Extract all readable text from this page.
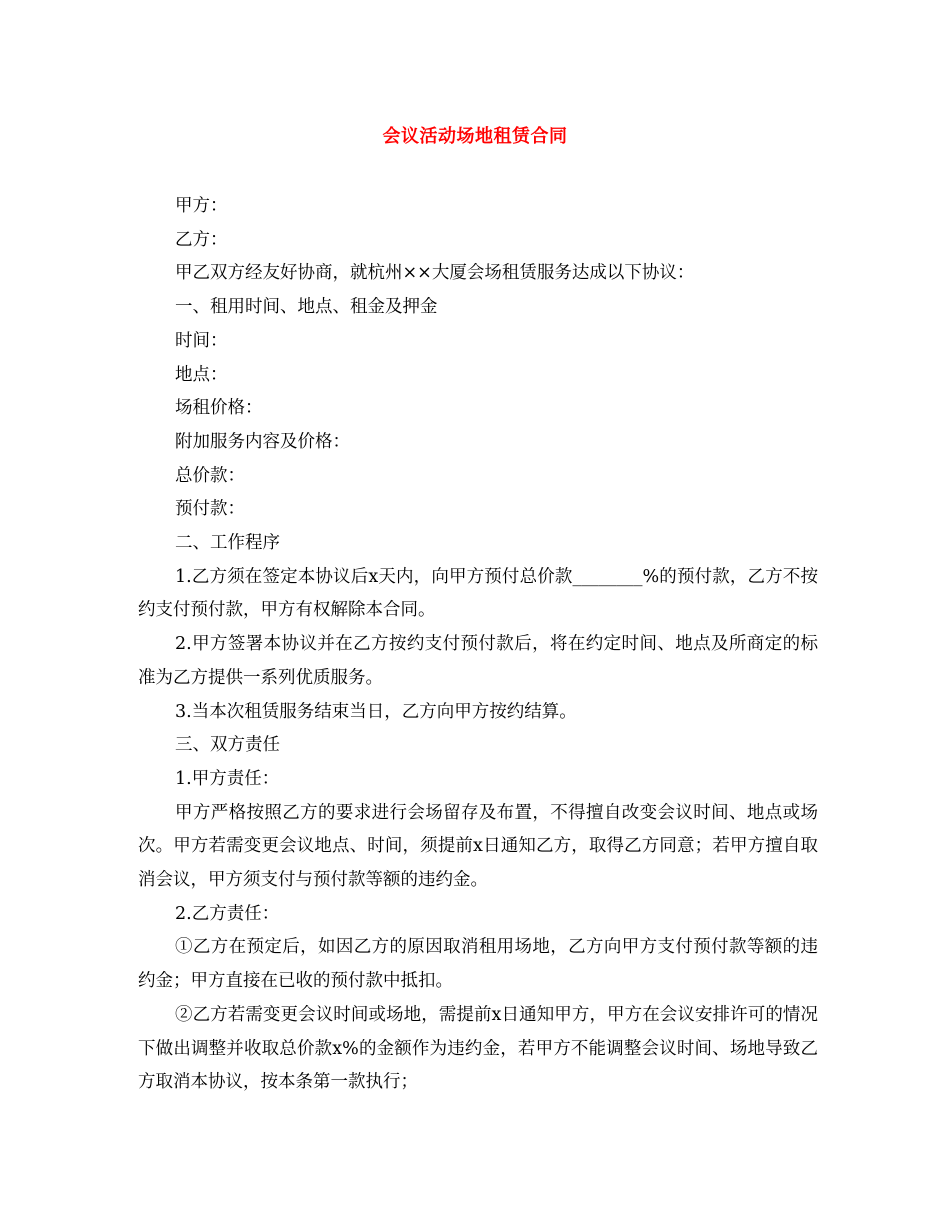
会议活动场地租赁合同

甲方：

乙方：

甲乙双方经友好协商，就杭州××大厦会场租赁服务达成以下协议：

一、租用时间、地点、租金及押金

时间：

地点：

场租价格：

附加服务内容及价格：

总价款：

预付款：

二、工作程序

1.乙方须在签定本协议后x天内，向甲方预付总价款________%的预付款，乙方不按约支付预付款，甲方有权解除本合同。

2.甲方签署本协议并在乙方按约支付预付款后，将在约定时间、地点及所商定的标准为乙方提供一系列优质服务。

3.当本次租赁服务结束当日，乙方向甲方按约结算。

三、双方责任

1.甲方责任：

甲方严格按照乙方的要求进行会场留存及布置，不得擅自改变会议时间、地点或场次。甲方若需变更会议地点、时间，须提前x日通知乙方，取得乙方同意；若甲方擅自取消会议，甲方须支付与预付款等额的违约金。

2.乙方责任：

①乙方在预定后，如因乙方的原因取消租用场地，乙方向甲方支付预付款等额的违约金；甲方直接在已收的预付款中抵扣。

②乙方若需变更会议时间或场地，需提前x日通知甲方，甲方在会议安排许可的情况下做出调整并收取总价款x%的金额作为违约金，若甲方不能调整会议时间、场地导致乙方取消本协议，按本条第一款执行；
